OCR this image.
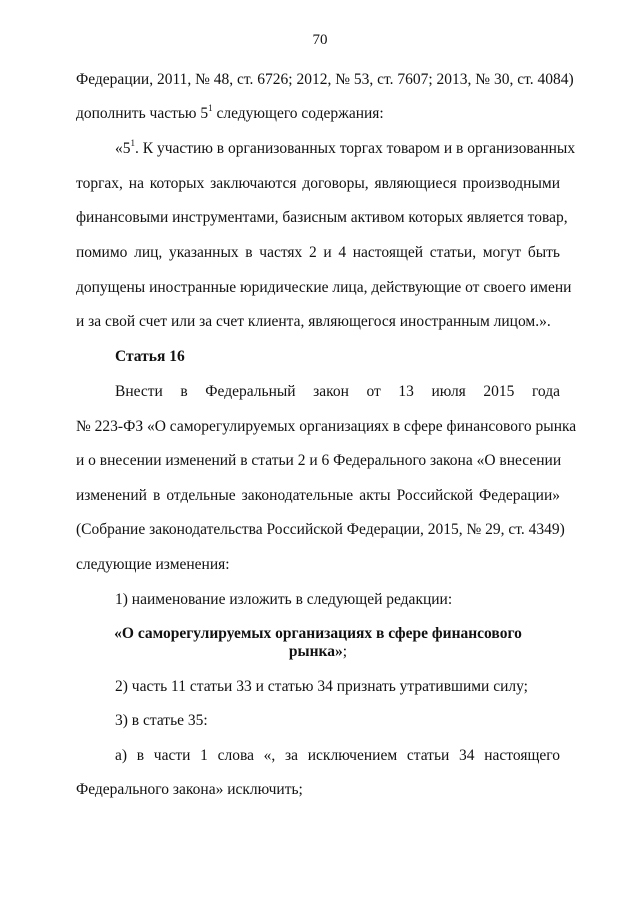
70
Федерации, 2011, № 48, ст. 6726; 2012, № 53, ст. 7607; 2013, № 30, ст. 4084)
дополнить частью $5^1$ следующего содержания:
«$5^1$. К участию в организованных торгах товаром и в организованных
торгах, на которых заключаются договоры, являющиеся производными
финансовыми инструментами, базисным активом которых является товар,
помимо лиц, указанных в частях 2 и 4 настоящей статьи, могут быть
допущены иностранные юридические лица, действующие от своего имени
и за свой счет или за счет клиента, являющегося иностранным лицом.».
Статья 16
Внести в Федеральный закон от 13 июля 2015 года
№ 223-ФЗ «О саморегулируемых организациях в сфере финансового рынка
и о внесении изменений в статьи 2 и 6 Федерального закона «О внесении
изменений в отдельные законодательные акты Российской Федерации»
(Собрание законодательства Российской Федерации, 2015, № 29, ст. 4349)
следующие изменения:
1) наименование изложить в следующей редакции:
«О саморегулируемых организациях в сфере финансового
рынка»;
2) часть 11 статьи 33 и статью 34 признать утратившими силу;
3) в статье 35:
а) в части 1 слова «, за исключением статьи 34 настоящего
Федерального закона» исключить;
